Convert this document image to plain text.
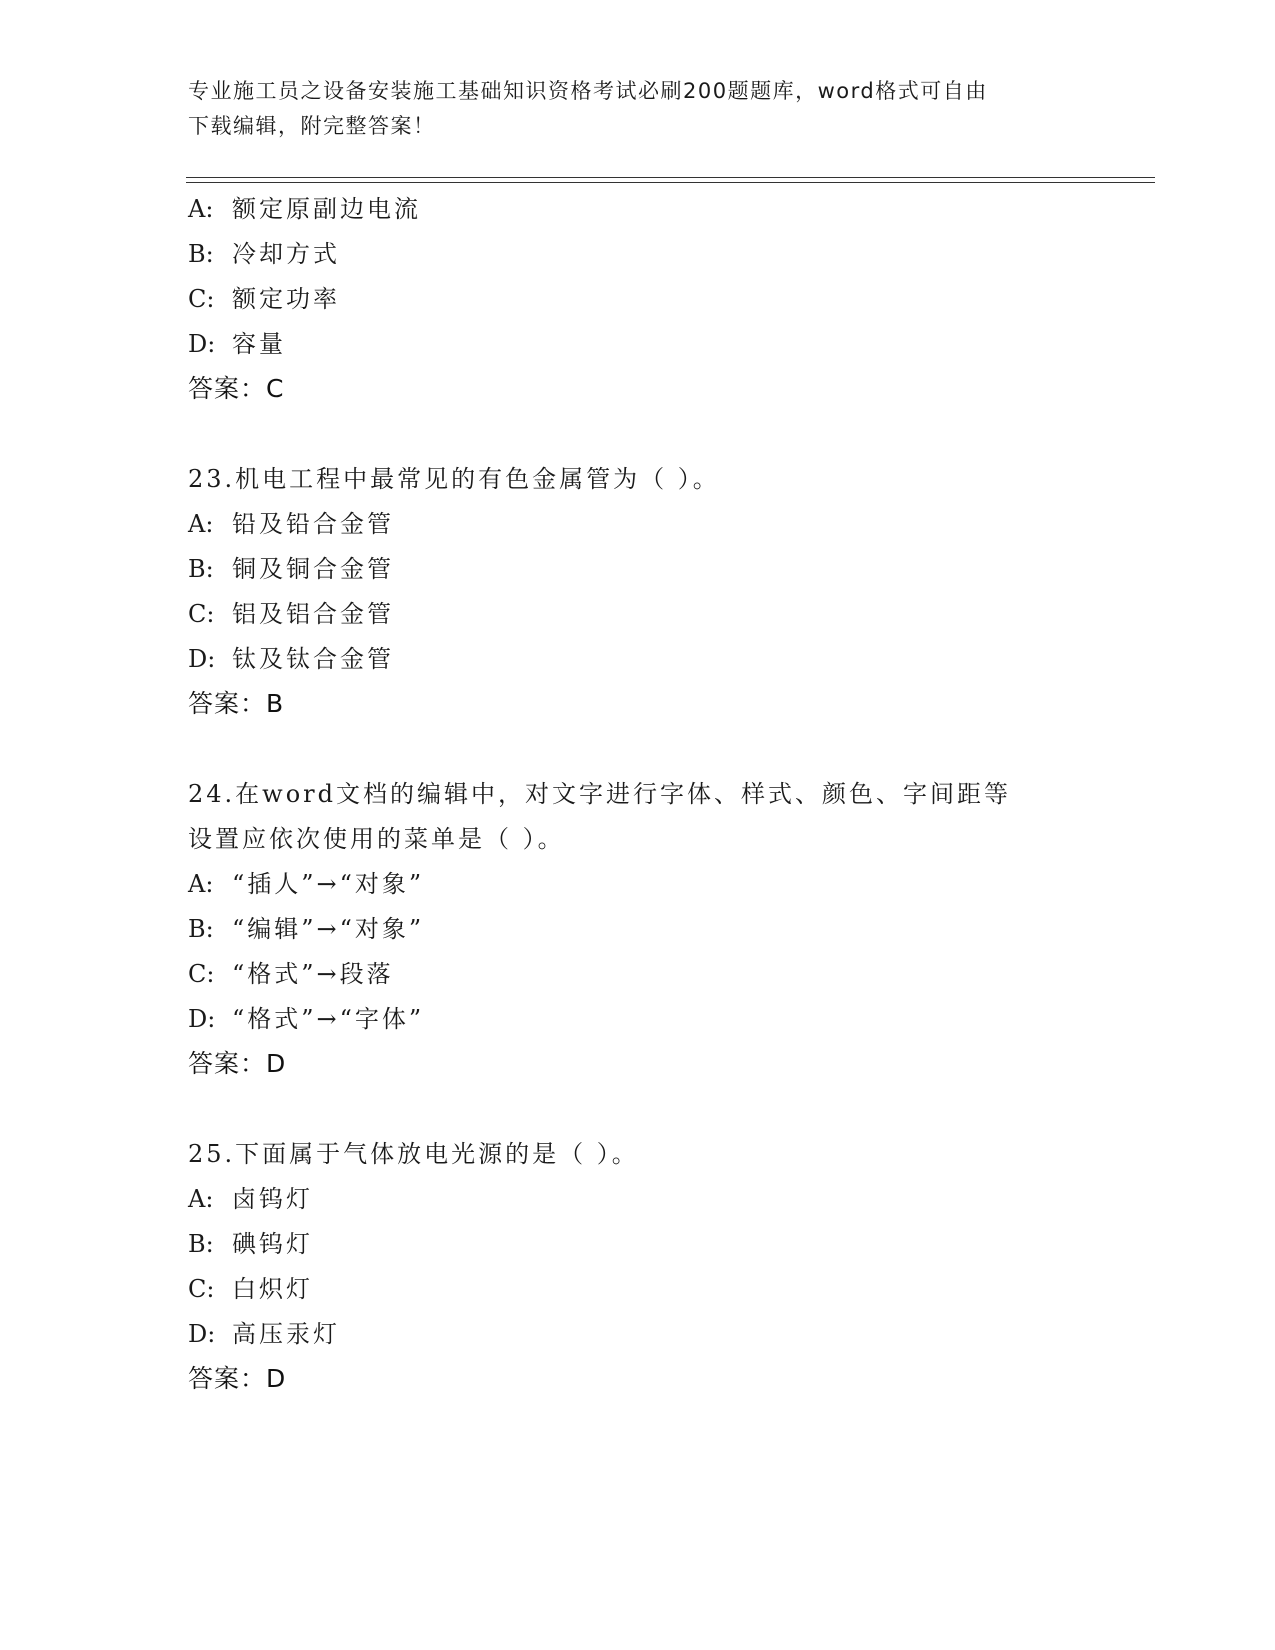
专业施工员之设备安装施工基础知识资格考试必刷200题题库，word格式可自由
下载编辑，附完整答案！
A: 额定原副边电流
B: 冷却方式
C: 额定功率
D: 容量
答案：C
23.机电工程中最常见的有色金属管为（ ）。
A: 铅及铅合金管
B: 铜及铜合金管
C: 铝及铝合金管
D: 钛及钛合金管
答案：B
24.在word文档的编辑中，对文字进行字体、样式、颜色、字间距等
设置应依次使用的菜单是（ ）。
A: “插人”→“对象”
B: “编辑”→“对象”
C: “格式”→段落
D: “格式”→“字体”
答案：D
25.下面属于气体放电光源的是（ ）。
A: 卤钨灯
B: 碘钨灯
C: 白炽灯
D: 高压汞灯
答案：D
